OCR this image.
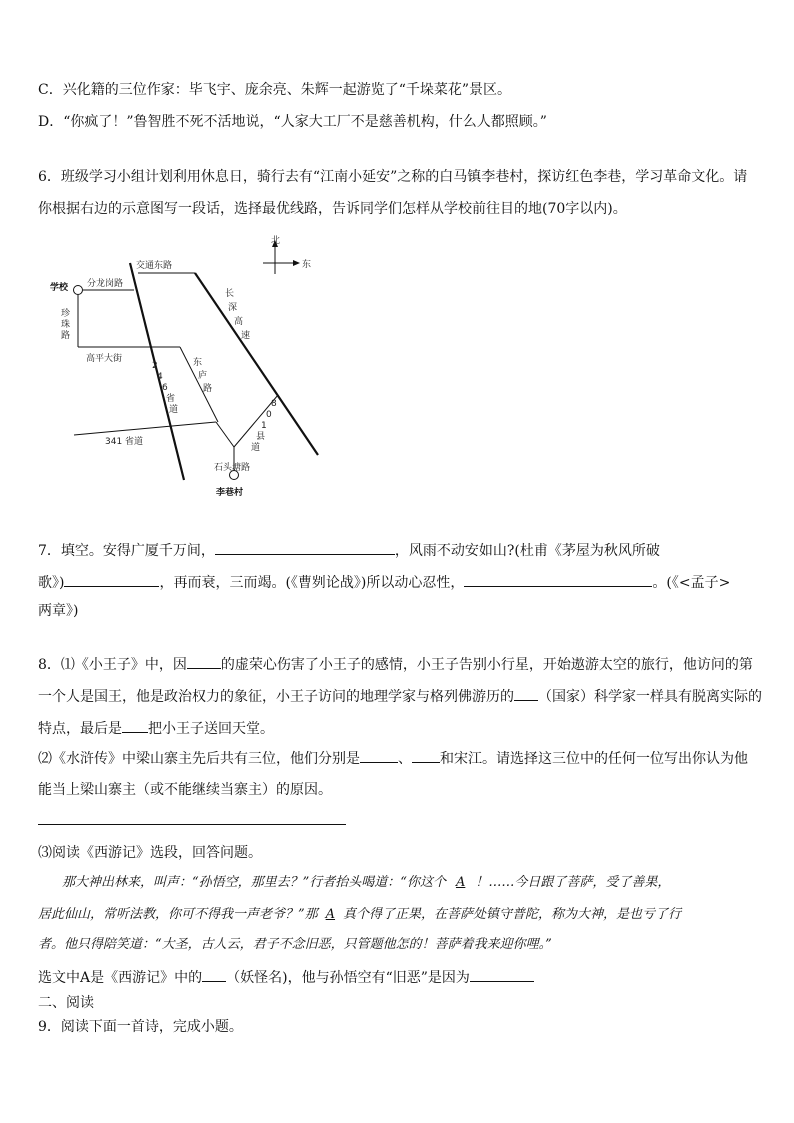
C．兴化籍的三位作家：毕飞宇、庞余亮、朱辉一起游览了“千垛菜花”景区。
D．“你疯了！”鲁智胜不死不活地说，“人家大工厂不是慈善机构，什么人都照顾。”
6．班级学习小组计划利用休息日，骑行去有“江南小延安”之称的白马镇李巷村，探访红色李巷，学习革命文化。请
你根据右边的示意图写一段话，选择最优线路，告诉同学们怎样从学校前往目的地(70字以内)。
北
东
交通东路
长
深
高
速
2
4
6
省
道
学校 分龙岗路
珍
珠
路
高平大街	东
庐
路
341 省道
8
0
1
县
道
石头塘路
李巷村
7．填空。安得广厦千万间，	，风雨不动安如山?(杜甫《茅屋为秋风所破
歌》)	，再而衰，三而竭。(《曹刿论战》)所以动心忍性，	。(《<孟子>
两章》)
8．⑴《小王子》中，因 的虚荣心伤害了小王子的感情，小王子告别小行星，开始遨游太空的旅行，他访问的第
一个人是国王，他是政治权力的象征，小王子访问的地理学家与格列佛游历的 （国家）科学家一样具有脱离实际的
特点，最后是 把小王子送回天堂。
⑵《水浒传》中梁山寨主先后共有三位，他们分别是	、 和宋江。请选择这三位中的任何一位写出你认为他
能当上梁山寨主（或不能继续当寨主）的原因。
⑶阅读《西游记》选段，回答问题。
那大神出林来，叫声：“孙悟空，那里去？”行者抬头喝道：“你这个 A ！……今日跟了菩萨，受了善果，
居此仙山，常听法教，你可不得我一声老爷？”那 A 真个得了正果，在菩萨处镇守普陀，称为大神，是也亏了行
者。他只得陪笑道：“大圣，古人云，君子不念旧恶，只管题他怎的！菩萨着我来迎你哩。”
选文中A是《西游记》中的 （妖怪名)，他与孙悟空有“旧恶”是因为
二、阅读
9．阅读下面一首诗，完成小题。
